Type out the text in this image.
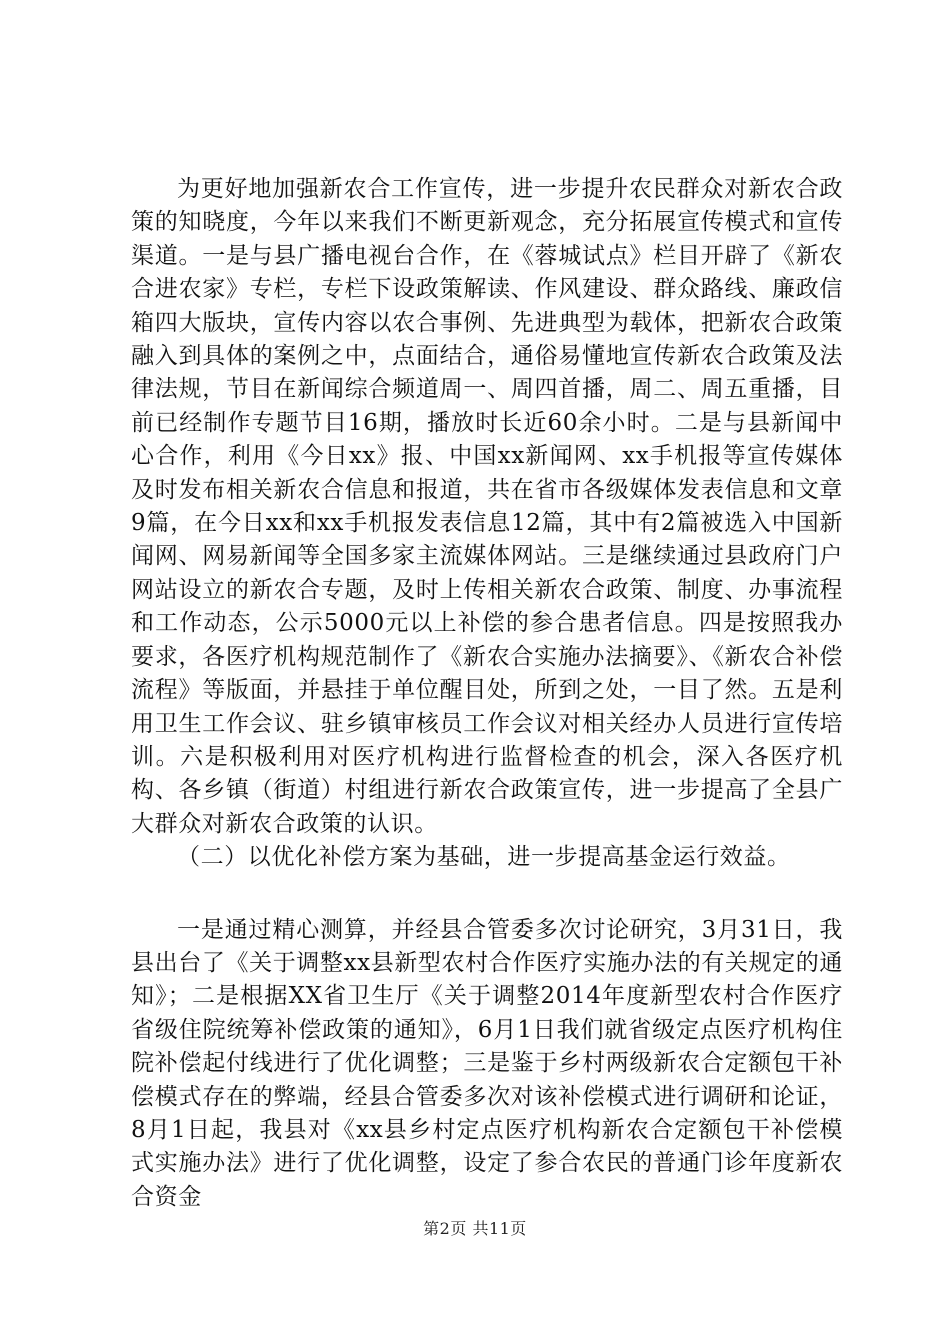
为更好地加强新农合工作宣传，进一步提升农民群众对新农合政策的知晓度，今年以来我们不断更新观念，充分拓展宣传模式和宣传渠道。一是与县广播电视台合作，在《蓉城试点》栏目开辟了《新农合进农家》专栏，专栏下设政策解读、作风建设、群众路线、廉政信箱四大版块，宣传内容以农合事例、先进典型为载体，把新农合政策融入到具体的案例之中，点面结合，通俗易懂地宣传新农合政策及法律法规，节目在新闻综合频道周一、周四首播，周二、周五重播，目前已经制作专题节目16期，播放时长近60余小时。二是与县新闻中心合作，利用《今日xx》报、中国xx新闻网、xx手机报等宣传媒体及时发布相关新农合信息和报道，共在省市各级媒体发表信息和文章9篇，在今日xx和xx手机报发表信息12篇，其中有2篇被选入中国新闻网、网易新闻等全国多家主流媒体网站。三是继续通过县政府门户网站设立的新农合专题，及时上传相关新农合政策、制度、办事流程和工作动态，公示5000元以上补偿的参合患者信息。四是按照我办要求，各医疗机构规范制作了《新农合实施办法摘要》、《新农合补偿流程》等版面，并悬挂于单位醒目处，所到之处，一目了然。五是利用卫生工作会议、驻乡镇审核员工作会议对相关经办人员进行宣传培训。六是积极利用对医疗机构进行监督检查的机会，深入各医疗机构、各乡镇（街道）村组进行新农合政策宣传，进一步提高了全县广大群众对新农合政策的认识。

（二）以优化补偿方案为基础，进一步提高基金运行效益。

一是通过精心测算，并经县合管委多次讨论研究，3月31日，我县出台了《关于调整xx县新型农村合作医疗实施办法的有关规定的通知》；二是根据XX省卫生厅《关于调整2014年度新型农村合作医疗省级住院统筹补偿政策的通知》，6月1日我们就省级定点医疗机构住院补偿起付线进行了优化调整；三是鉴于乡村两级新农合定额包干补偿模式存在的弊端，经县合管委多次对该补偿模式进行调研和论证，8月1日起，我县对《xx县乡村定点医疗机构新农合定额包干补偿模式实施办法》进行了优化调整，设定了参合农民的普通门诊年度新农合资金

第2页 共11页
